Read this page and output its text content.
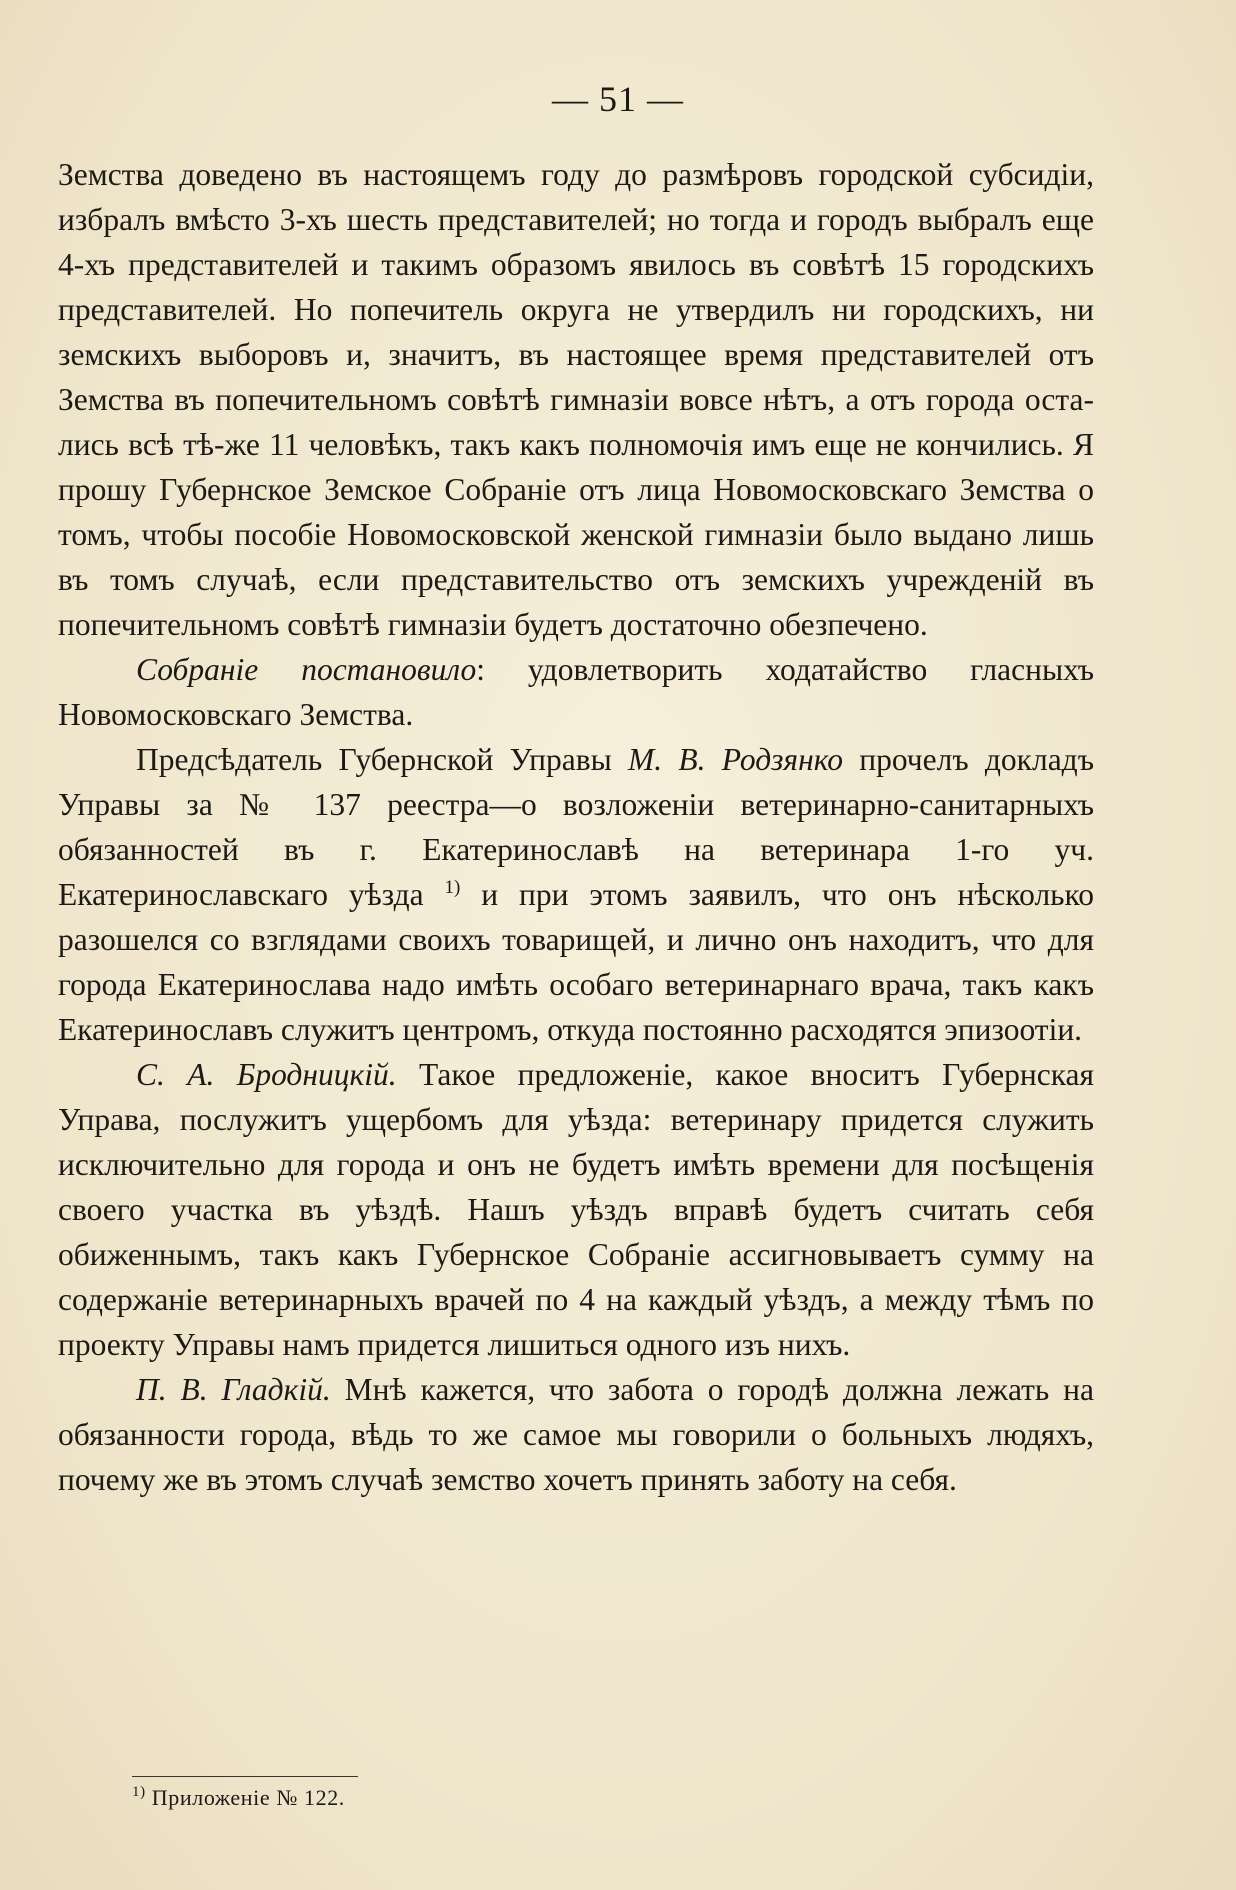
— 51 —

Земства доведено въ настоящемъ году до размѣровъ городской субсидіи, избралъ вмѣсто 3-хъ шесть представителей; но тогда и городъ выбралъ еще 4-хъ представителей и такимъ образомъ явилось въ совѣтѣ 15 городскихъ представителей. Но попечитель округа не утвердилъ ни городскихъ, ни земскихъ выборовъ и, значитъ, въ настоящее время представителей отъ Земства въ попечительномъ совѣтѣ гимназіи вовсе нѣтъ, а отъ города остались всѣ тѣ-же 11 человѣкъ, такъ какъ полномочія имъ еще не кончились. Я прошу Губернское Земское Собраніе отъ лица Новомосковскаго Земства о томъ, чтобы пособіе Новомосковской женской гимназіи было выдано лишь въ томъ случаѣ, если представительство отъ земскихъ учрежденій въ попечительномъ совѣтѣ гимназіи будетъ достаточно обезпечено.

Собраніе постановило: удовлетворить ходатайство гласныхъ Новомосковскаго Земства.

Предсѣдатель Губернской Управы М. В. Родзянко прочелъ докладъ Управы за № 137 реестра—о возложеніи ветеринарно-санитарныхъ обязанностей въ г. Екатеринославѣ на ветеринара 1-го уч. Екатеринославскаго уѣзда $^{1)}$ и при этомъ заявилъ, что онъ нѣсколько разошелся со взглядами своихъ товарищей, и лично онъ находитъ, что для города Екатеринослава надо имѣть особаго ветеринарнаго врача, такъ какъ Екатеринославъ служитъ центромъ, откуда постоянно расходятся эпизоотіи.

С. А. Бродницкій. Такое предложеніе, какое вноситъ Губернская Управа, послужитъ ущербомъ для уѣзда: ветеринару придется служить исключительно для города и онъ не будетъ имѣть времени для посѣщенія своего участка въ уѣздѣ. Нашъ уѣздъ вправѣ будетъ считать себя обиженнымъ, такъ какъ Губернское Собраніе ассигновываетъ сумму на содержаніе ветеринарныхъ врачей по 4 на каждый уѣздъ, а между тѣмъ по проекту Управы намъ придется лишиться одного изъ нихъ.

П. В. Гладкій. Мнѣ кажется, что забота о городѣ должна лежать на обязанности города, вѣдь то же самое мы говорили о больныхъ людяхъ, почему же въ этомъ случаѣ земство хочетъ принять заботу на себя.

$^{1)}$ Приложеніе № 122.
